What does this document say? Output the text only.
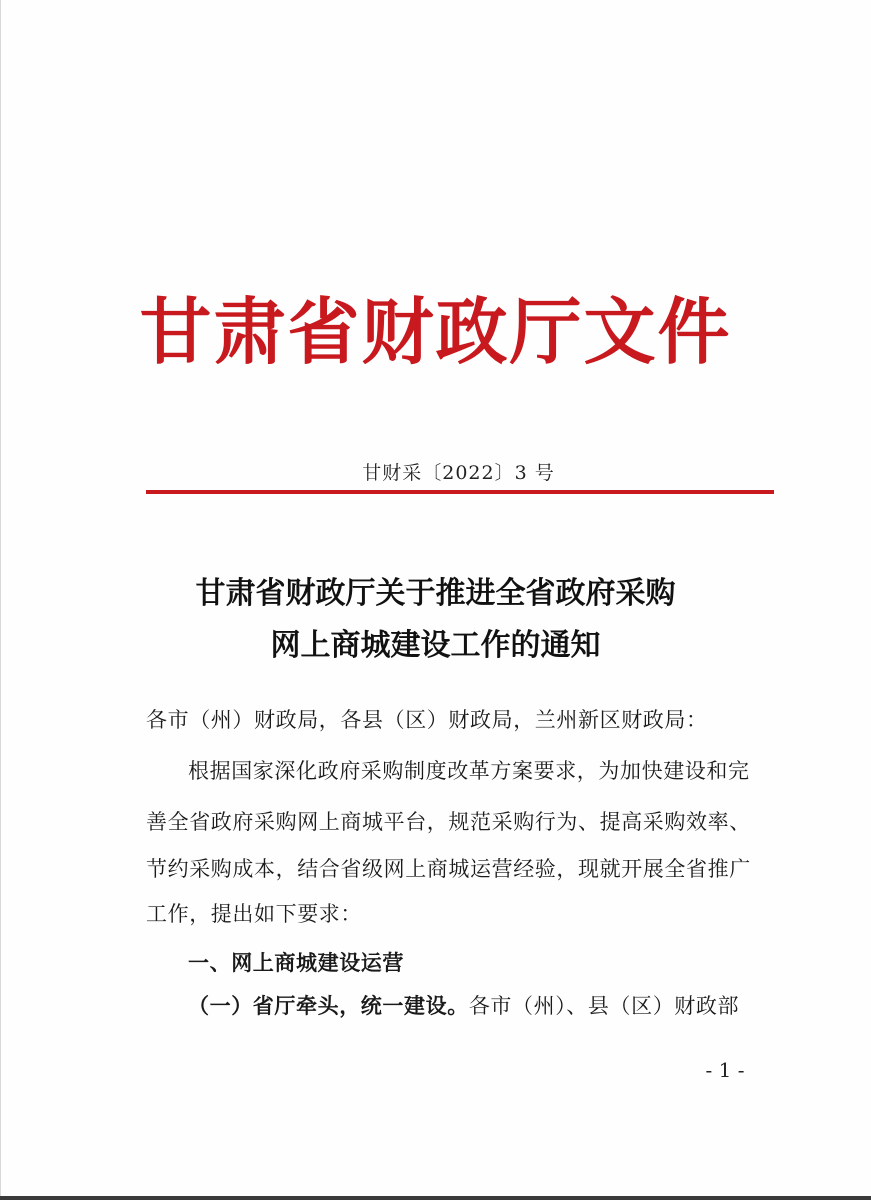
甘肃省财政厅文件
甘财采〔2022〕3 号
甘肃省财政厅关于推进全省政府采购
网上商城建设工作的通知
各市（州）财政局，各县（区）财政局，兰州新区财政局：
根据国家深化政府采购制度改革方案要求，为加快建设和完
善全省政府采购网上商城平台，规范采购行为、提高采购效率、
节约采购成本，结合省级网上商城运营经验，现就开展全省推广
工作，提出如下要求：
一、网上商城建设运营
（一）省厅牵头，统一建设。各市（州）、县（区）财政部
- 1 -
